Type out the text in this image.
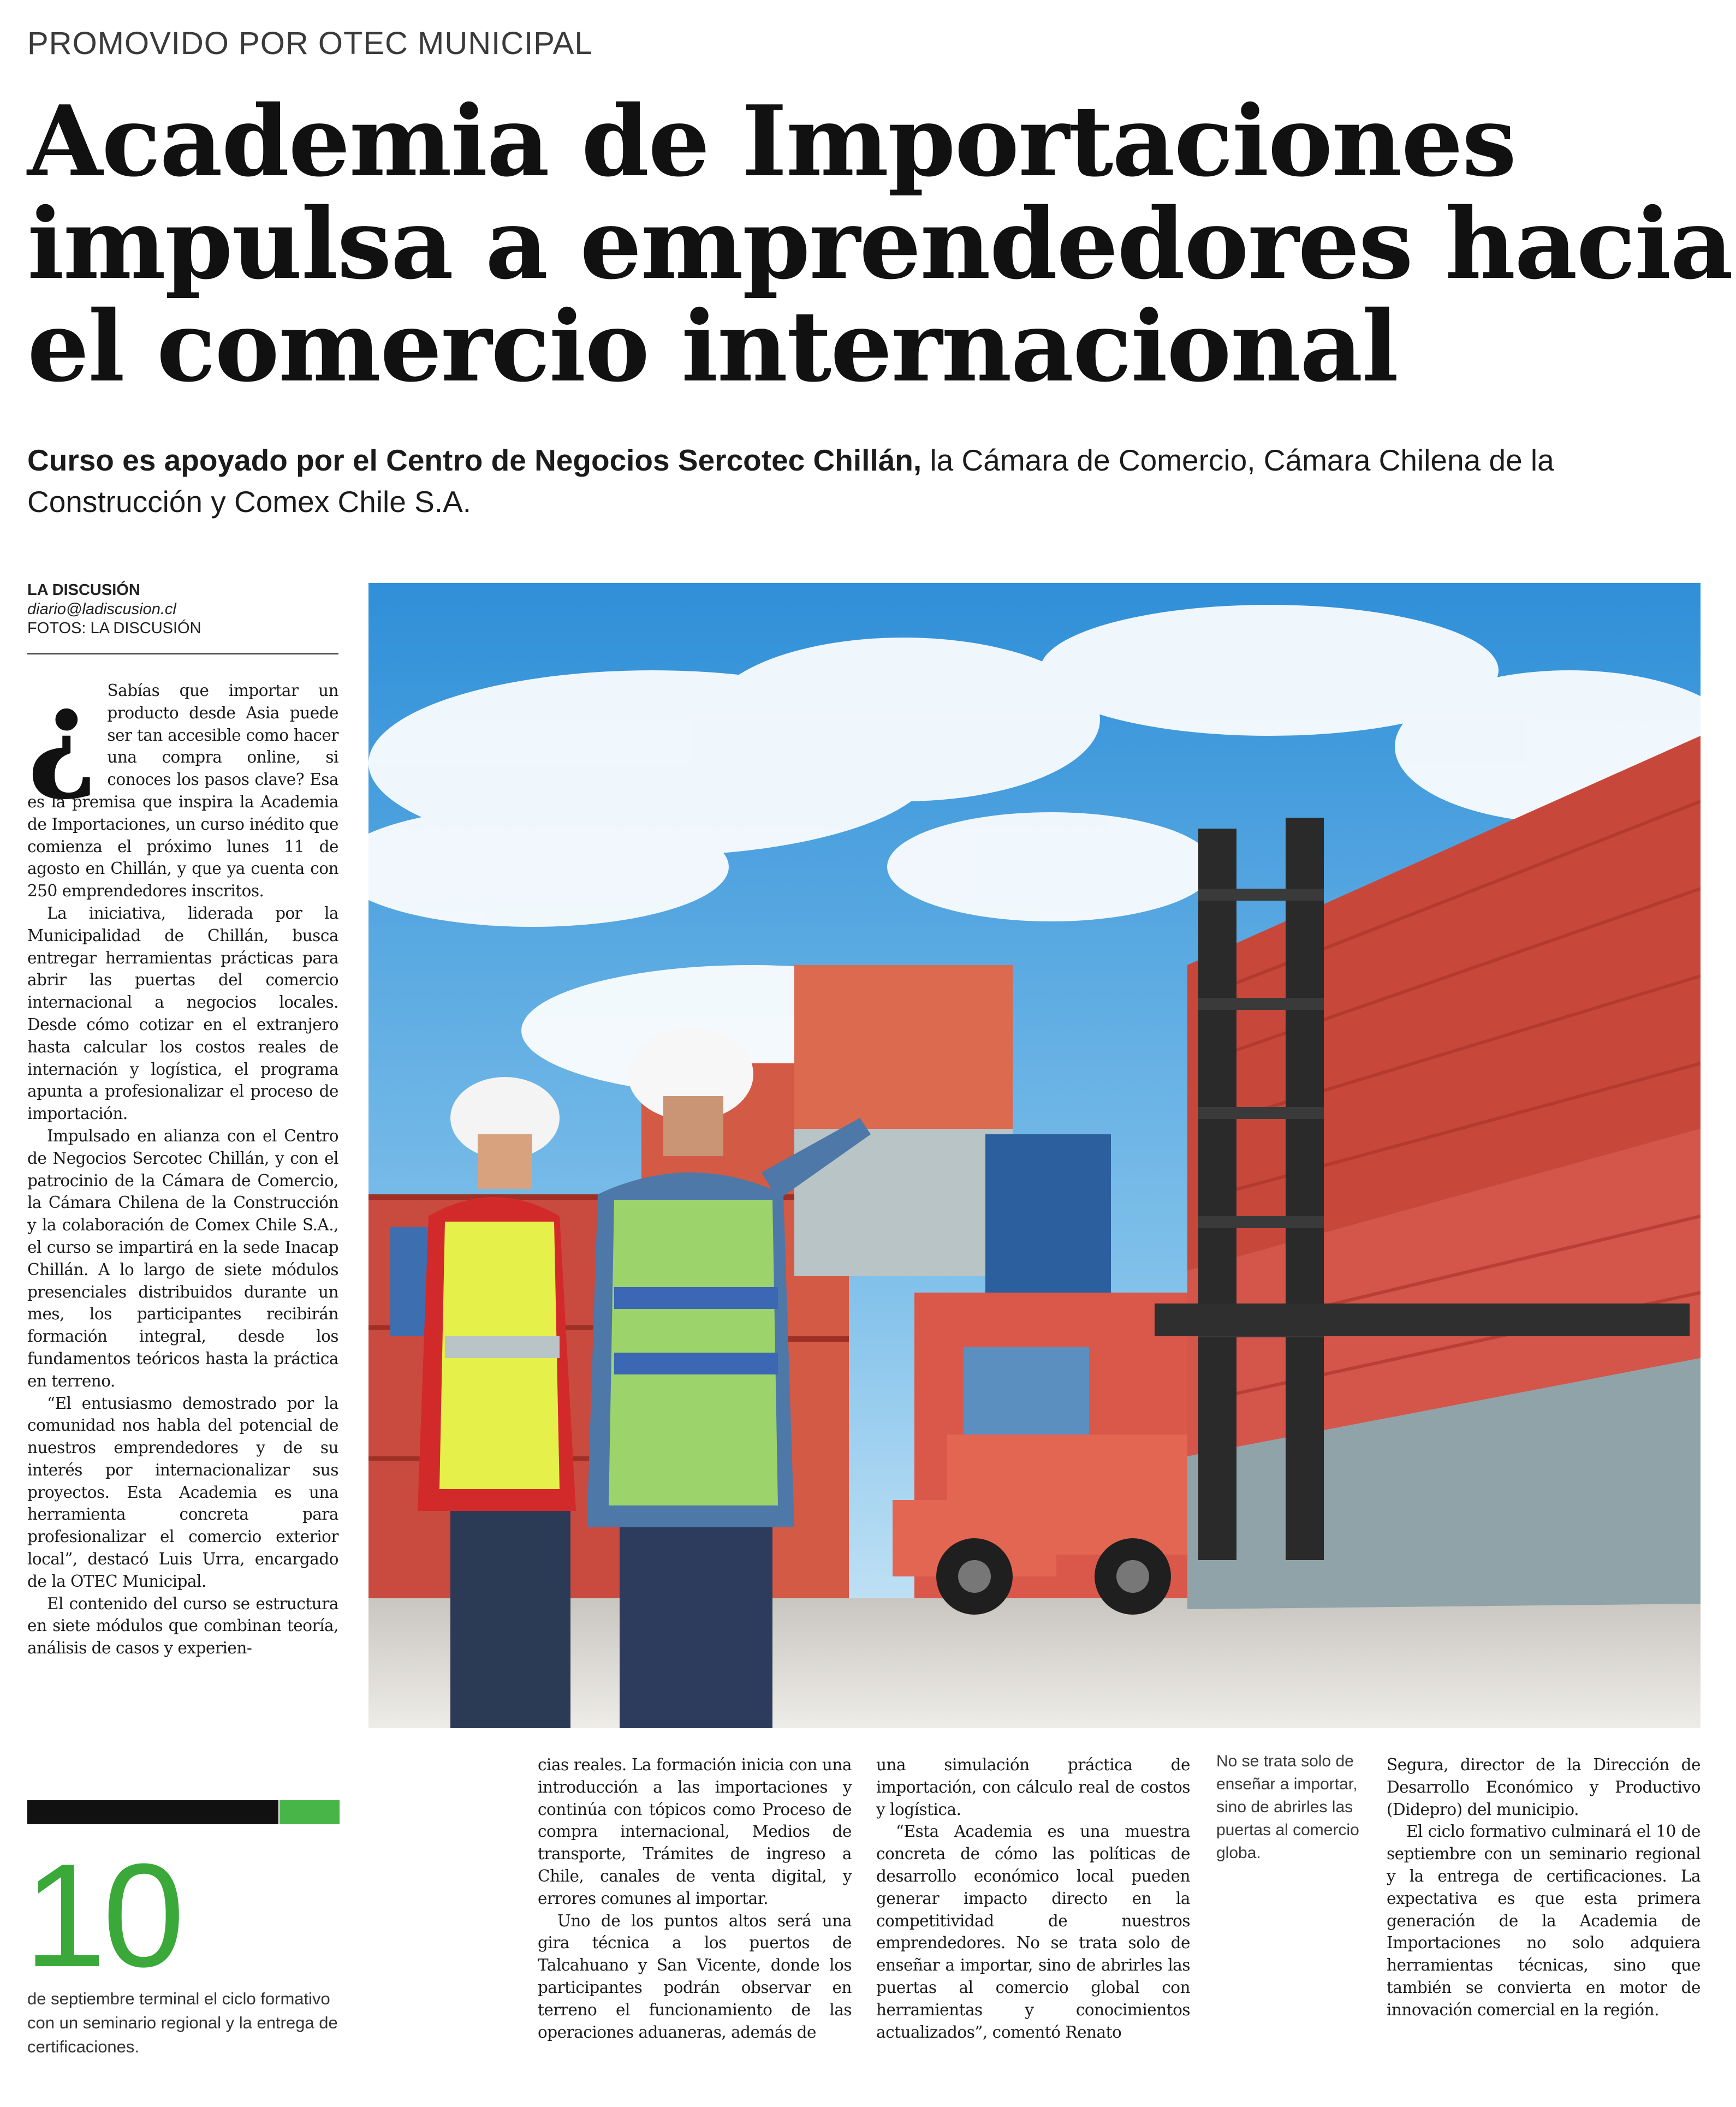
PROMOVIDO POR OTEC MUNICIPAL
Academia de Importaciones
impulsa a emprendedores hacia
el comercio internacional

Curso es apoyado por el Centro de Negocios Sercotec Chillán, la Cámara de Comercio, Cámara Chilena de la Construcción y Comex Chile S.A.

LA DISCUSIÓN
diario@ladiscusion.cl
FOTOS: LA DISCUSIÓN
¿ Sabías que importar un producto desde Asia puede ser tan accesible como hacer una compra online, si conoces los pasos clave? Esa es la premisa que inspira la Academia de Importaciones, un curso inédito que comienza el próximo lunes 11 de agosto en Chillán, y que ya cuenta con 250 emprendedores inscritos.

La iniciativa, liderada por la Municipalidad de Chillán, busca entregar herramientas prácticas para abrir las puertas del comercio internacional a negocios locales. Desde cómo cotizar en el extranjero hasta calcular los costos reales de internación y logística, el programa apunta a profesionalizar el proceso de importación.

Impulsado en alianza con el Centro de Negocios Sercotec Chillán, y con el patrocinio de la Cámara de Comercio, la Cámara Chilena de la Construcción y la colaboración de Comex Chile S.A., el curso se impartirá en la sede Inacap Chillán. A lo largo de siete módulos presenciales distribuidos durante un mes, los participantes recibirán formación integral, desde los fundamentos teóricos hasta la práctica en terreno.

“El entusiasmo demostrado por la comunidad nos habla del potencial de nuestros emprendedores y de su interés por internacionalizar sus proyectos. Esta Academia es una herramienta concreta para profesionalizar el comercio exterior local”, destacó Luis Urra, encargado de la OTEC Municipal.

El contenido del curso se estructura en siete módulos que combinan teoría, análisis de casos y experien-

cias reales. La formación inicia con una introducción a las importaciones y continúa con tópicos como Proceso de compra internacional, Medios de transporte, Trámites de ingreso a Chile, canales de venta digital, y errores comunes al importar.

Uno de los puntos altos será una gira técnica a los puertos de Talcahuano y San Vicente, donde los participantes podrán observar en terreno el funcionamiento de las operaciones aduaneras, además de

una simulación práctica de importación, con cálculo real de costos y logística.

“Esta Academia es una muestra concreta de cómo las políticas de desarrollo económico local pueden generar impacto directo en la competitividad de nuestros emprendedores. No se trata solo de enseñar a importar, sino de abrirles las puertas al comercio global con herramientas y conocimientos actualizados”, comentó Renato

No se trata solo de enseñar a importar, sino de abrirles las puertas al comercio globa.

Segura, director de la Dirección de Desarrollo Económico y Productivo (Didepro) del municipio.

El ciclo formativo culminará el 10 de septiembre con un seminario regional y la entrega de certificaciones. La expectativa es que esta primera generación de la Academia de Importaciones no solo adquiera herramientas técnicas, sino que también se convierta en motor de innovación comercial en la región.

10
de septiembre terminal el ciclo formativo con un seminario regional y la entrega de certificaciones.
